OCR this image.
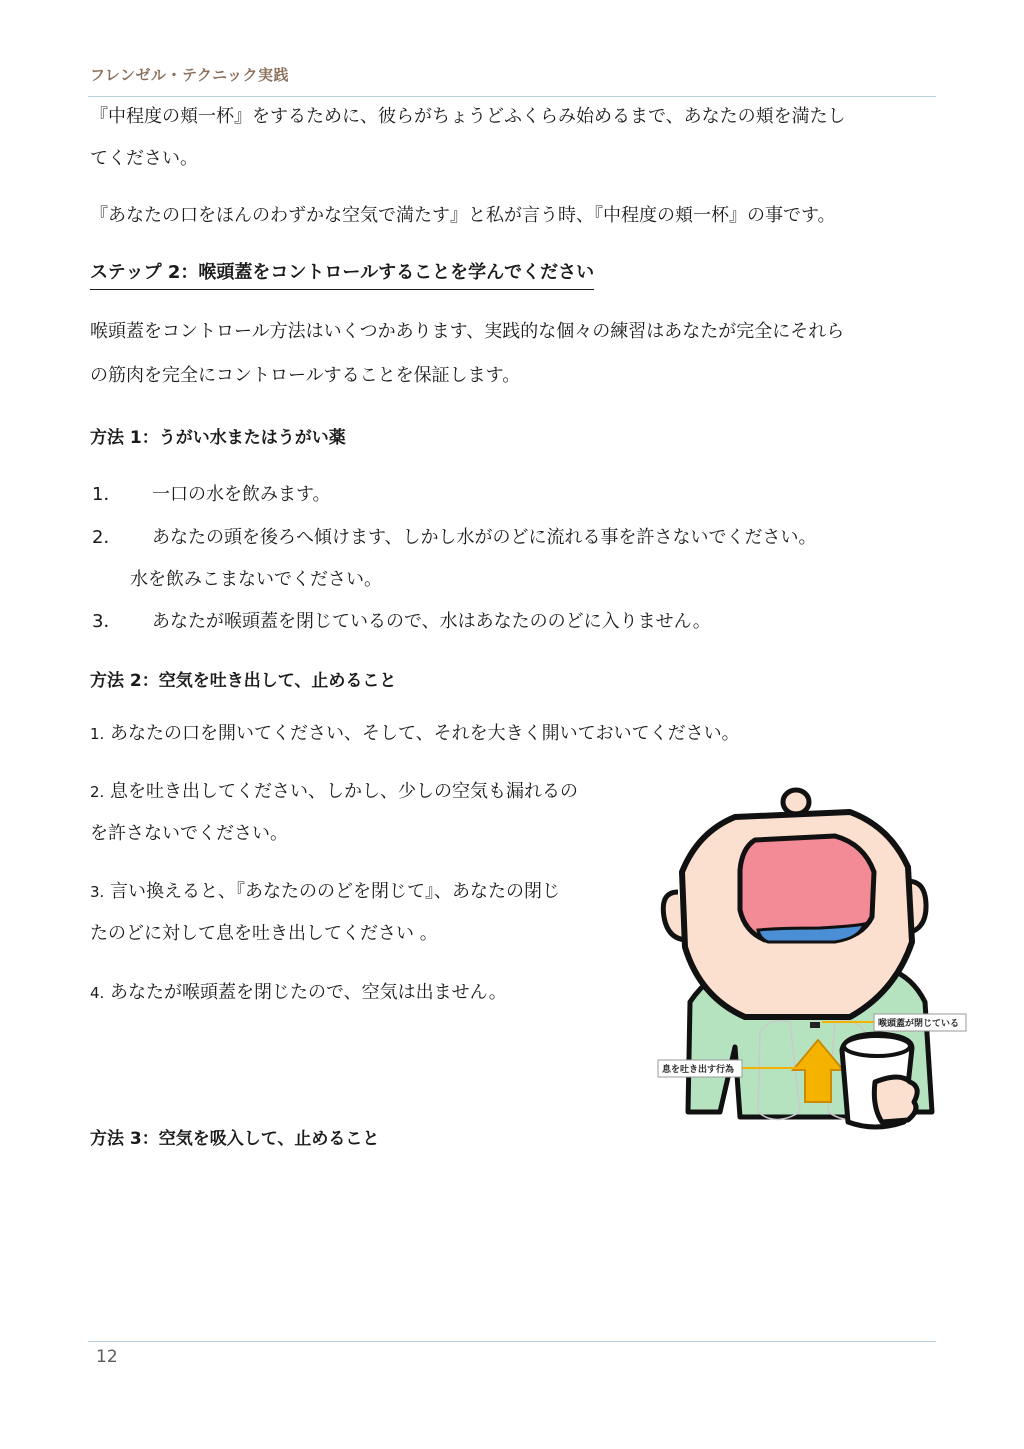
フレンゼル・テクニック実践
『中程度の頬一杯』をするために、彼らがちょうどふくらみ始めるまで、あなたの頬を満たし
てください。
『あなたの口をほんのわずかな空気で満たす』と私が言う時、『中程度の頬一杯』の事です。
ステップ 2：喉頭蓋をコントロールすることを学んでください
喉頭蓋をコントロール方法はいくつかあります、実践的な個々の練習はあなたが完全にそれら
の筋肉を完全にコントロールすることを保証します。
方法 1：うがい水またはうがい薬
1． 一口の水を飲みます。
2． あなたの頭を後ろへ傾けます、しかし水がのどに流れる事を許さないでください。
水を飲みこまないでください。
3． あなたが喉頭蓋を閉じているので、水はあなたののどに入りません。
方法 2：空気を吐き出して、止めること
1. あなたの口を開いてください、そして、それを大きく開いておいてください。
2. 息を吐き出してください、しかし、少しの空気も漏れるの
を許さないでください。
3. 言い換えると、『あなたののどを閉じて』、あなたの閉じ
たのどに対して息を吐き出してください 。
4. あなたが喉頭蓋を閉じたので、空気は出ません。
喉頭蓋が閉じている
息を吐き出す行為
方法 3：空気を吸入して、止めること
12
